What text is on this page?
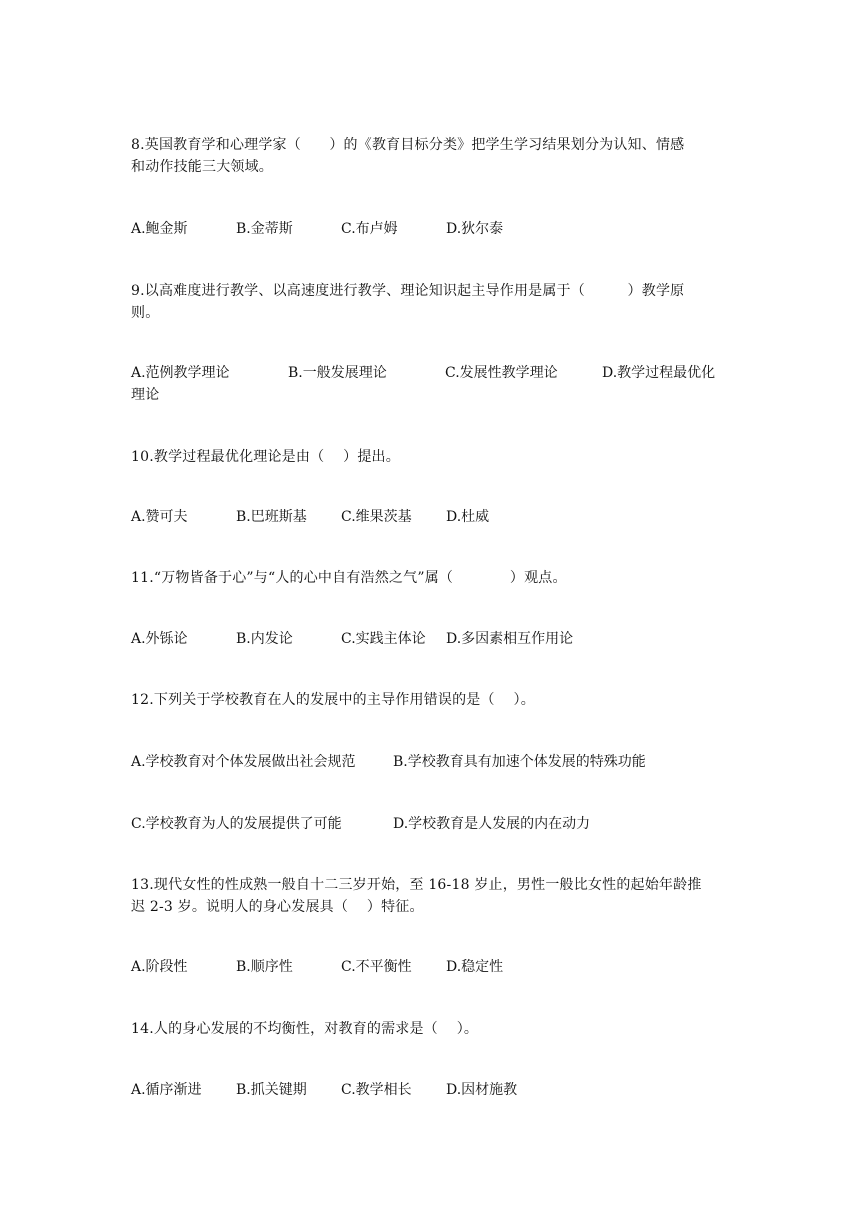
8.英国教育学和心理学家（　　）的《教育目标分类》把学生学习结果划分为认知、情感
和动作技能三大领域。
A.鲍金斯	B.金蒂斯	C.布卢姆	D.狄尔泰
9.以高难度进行教学、以高速度进行教学、理论知识起主导作用是属于（　　　）教学原
则。
A.范例教学理论	B.一般发展理论	C.发展性教学理论	D.教学过程最优化
理论
10.教学过程最优化理论是由（　 ）提出。
A.赞可夫	B.巴班斯基 C.维果茨基 D.杜威
11.“万物皆备于心”与“人的心中自有浩然之气”属（　　　　）观点。
A.外铄论	B.内发论	C.实践主体论 D.多因素相互作用论
12.下列关于学校教育在人的发展中的主导作用错误的是（　 ）。
A.学校教育对个体发展做出社会规范	B.学校教育具有加速个体发展的特殊功能
C.学校教育为人的发展提供了可能	D.学校教育是人发展的内在动力
13.现代女性的性成熟一般自十二三岁开始，至 16-18 岁止，男性一般比女性的起始年龄推
迟 2-3 岁。说明人的身心发展具（　 ）特征。
A.阶段性	B.顺序性	C.不平衡性 D.稳定性
14.人的身心发展的不均衡性，对教育的需求是（　 ）。
A.循序渐进 B.抓关键期 C.教学相长 D.因材施教
